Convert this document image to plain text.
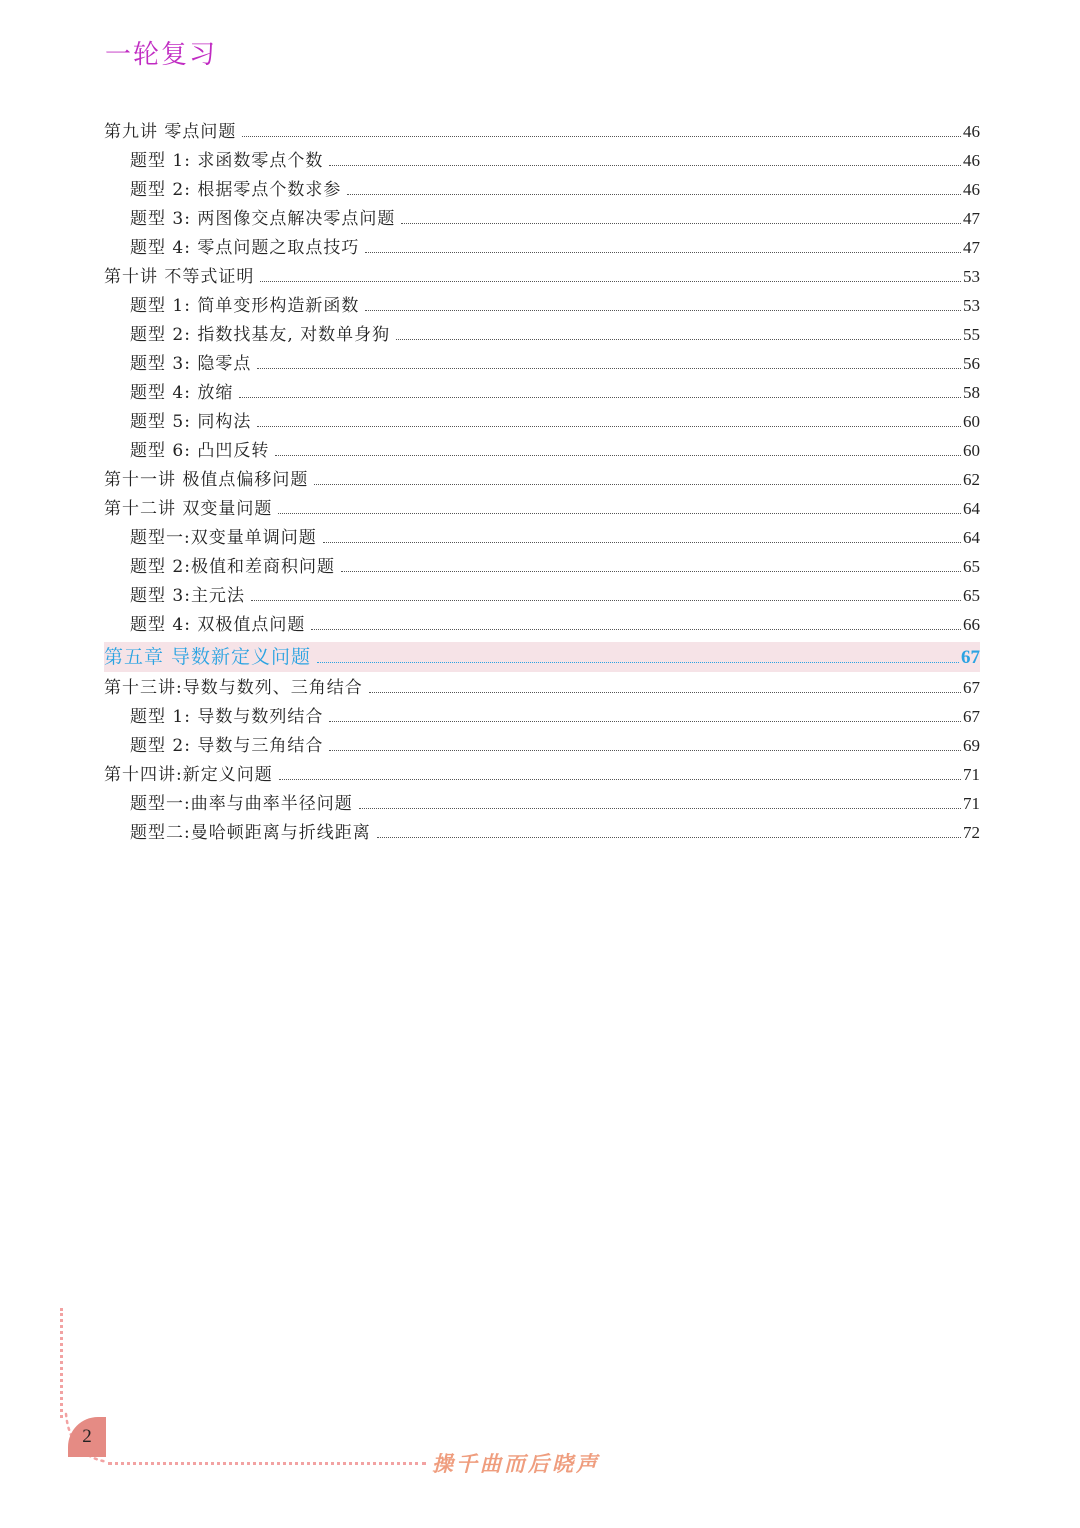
一轮复习
第九讲 零点问题	46
题型 1: 求函数零点个数	46
题型 2: 根据零点个数求参	46
题型 3: 两图像交点解决零点问题	47
题型 4: 零点问题之取点技巧	47
第十讲 不等式证明	53
题型 1: 简单变形构造新函数	53
题型 2: 指数找基友, 对数单身狗	55
题型 3: 隐零点	56
题型 4: 放缩	58
题型 5: 同构法	60
题型 6: 凸凹反转	60
第十一讲 极值点偏移问题	62
第十二讲 双变量问题	64
题型一:双变量单调问题	64
题型 2:极值和差商积问题	65
题型 3:主元法	65
题型 4: 双极值点问题	66
第五章 导数新定义问题	67
第十三讲:导数与数列、三角结合	67
题型 1: 导数与数列结合	67
题型 2: 导数与三角结合	69
第十四讲:新定义问题	71
题型一:曲率与曲率半径问题	71
题型二:曼哈顿距离与折线距离	72
2
操千曲而后晓声
